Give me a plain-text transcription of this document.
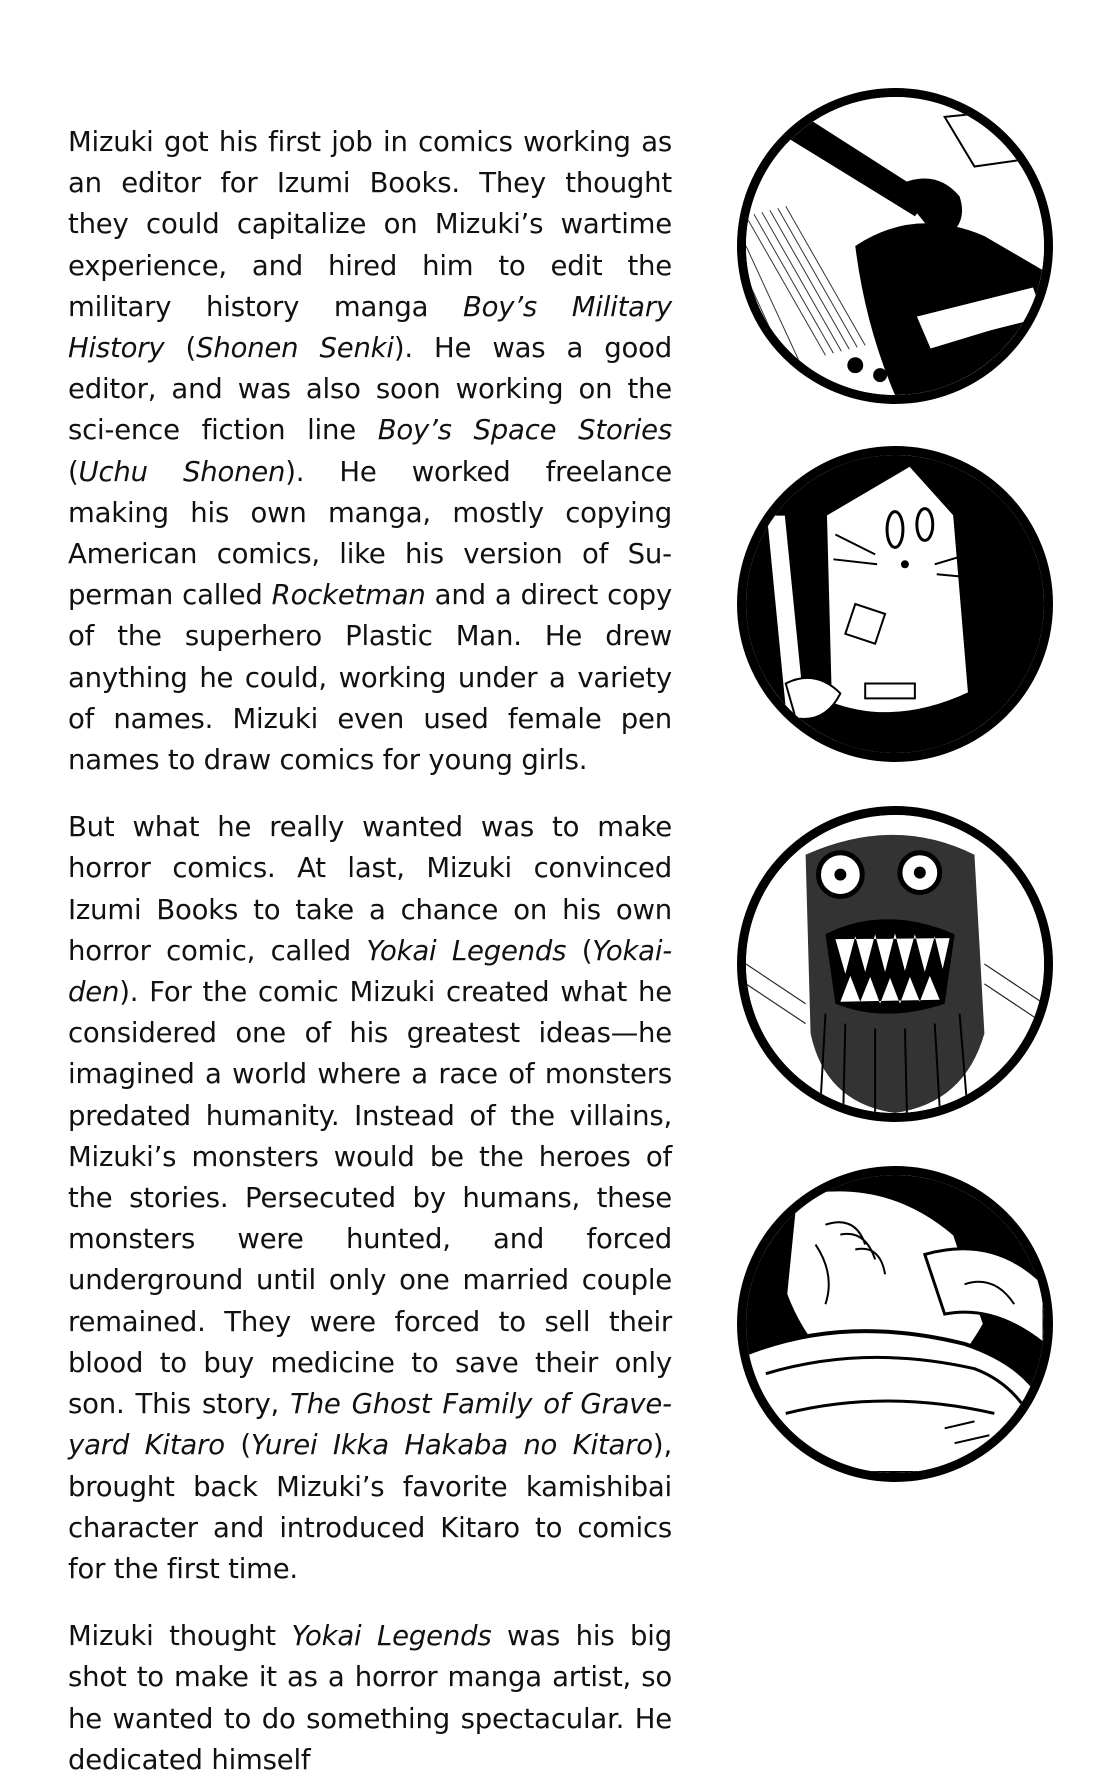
Mizuki got his first job in comics working as an editor for Izumi Books. They thought they could capitalize on Mizuki’s wartime experience, and hired him to edit the military history manga Boy’s Military History (Shonen Senki). He was a good editor, and was also soon working on the sci-ence fiction line Boy’s Space Stories (Uchu Shonen). He worked freelance making his own manga, mostly copying American comics, like his version of Superman called Rocketman and a direct copy of the superhero Plastic Man. He drew anything he could, working under a variety of names. Mizuki even used female pen names to draw comics for young girls.

But what he really wanted was to make horror comics. At last, Mizuki convinced Izumi Books to take a chance on his own horror comic, called Yokai Legends (Yokai-den). For the comic Mizuki created what he considered one of his greatest ideas—he imagined a world where a race of monsters predated humanity. Instead of the villains, Mizuki’s monsters would be the heroes of the stories. Persecuted by humans, these monsters were hunted, and forced underground until only one married couple remained. They were forced to sell their blood to buy medicine to save their only son. This story, The Ghost Family of Graveyard Kitaro (Yurei Ikka Hakaba no Kitaro), brought back Mizuki’s favorite kamishibai character and introduced Kitaro to comics for the first time.

Mizuki thought Yokai Legends was his big shot to make it as a horror manga artist, so he wanted to do something spectacular. He dedicated himself
